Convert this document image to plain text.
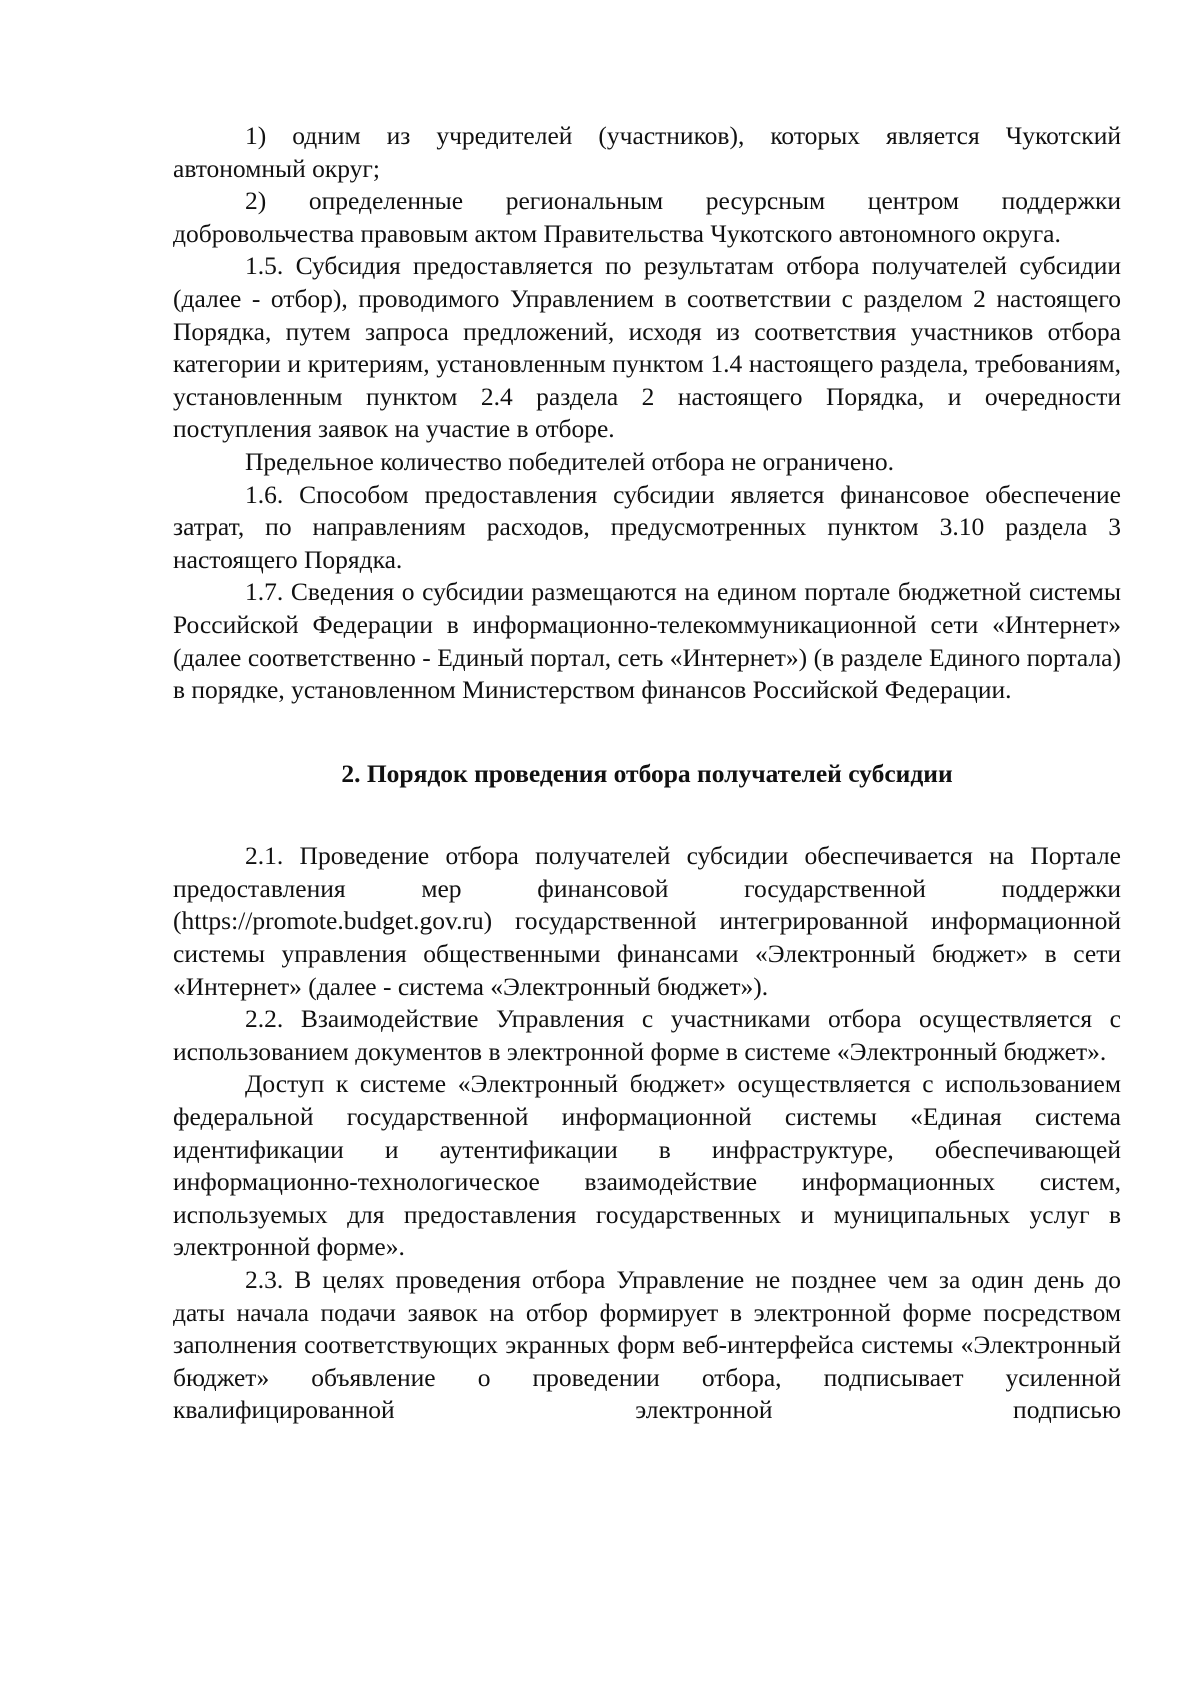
1) одним из учредителей (участников), которых является Чукотский автономный округ;

2) определенные региональным ресурсным центром поддержки добровольчества правовым актом Правительства Чукотского автономного округа.

1.5. Субсидия предоставляется по результатам отбора получателей субсидии (далее - отбор), проводимого Управлением в соответствии с разделом 2 настоящего Порядка, путем запроса предложений, исходя из соответствия участников отбора категории и критериям, установленным пунктом 1.4 настоящего раздела, требованиям, установленным пунктом 2.4 раздела 2 настоящего Порядка, и очередности поступления заявок на участие в отборе.

Предельное количество победителей отбора не ограничено.

1.6. Способом предоставления субсидии является финансовое обеспечение затрат, по направлениям расходов, предусмотренных пунктом 3.10 раздела 3 настоящего Порядка.

1.7. Сведения о субсидии размещаются на едином портале бюджетной системы Российской Федерации в информационно-телекоммуникационной сети «Интернет» (далее соответственно - Единый портал, сеть «Интернет») (в разделе Единого портала) в порядке, установленном Министерством финансов Российской Федерации.

2. Порядок проведения отбора получателей субсидии

2.1. Проведение отбора получателей субсидии обеспечивается на Портале предоставления мер финансовой государственной поддержки (https://promote.budget.gov.ru) государственной интегрированной информационной системы управления общественными финансами «Электронный бюджет» в сети «Интернет» (далее - система «Электронный бюджет»).

2.2. Взаимодействие Управления с участниками отбора осуществляется с использованием документов в электронной форме в системе «Электронный бюджет».

Доступ к системе «Электронный бюджет» осуществляется с использованием федеральной государственной информационной системы «Единая система идентификации и аутентификации в инфраструктуре, обеспечивающей информационно-технологическое взаимодействие информационных систем, используемых для предоставления государственных и муниципальных услуг в электронной форме».

2.3. В целях проведения отбора Управление не позднее чем за один день до даты начала подачи заявок на отбор формирует в электронной форме посредством заполнения соответствующих экранных форм веб-интерфейса системы «Электронный бюджет» объявление о проведении отбора, подписывает усиленной квалифицированной электронной подписью
